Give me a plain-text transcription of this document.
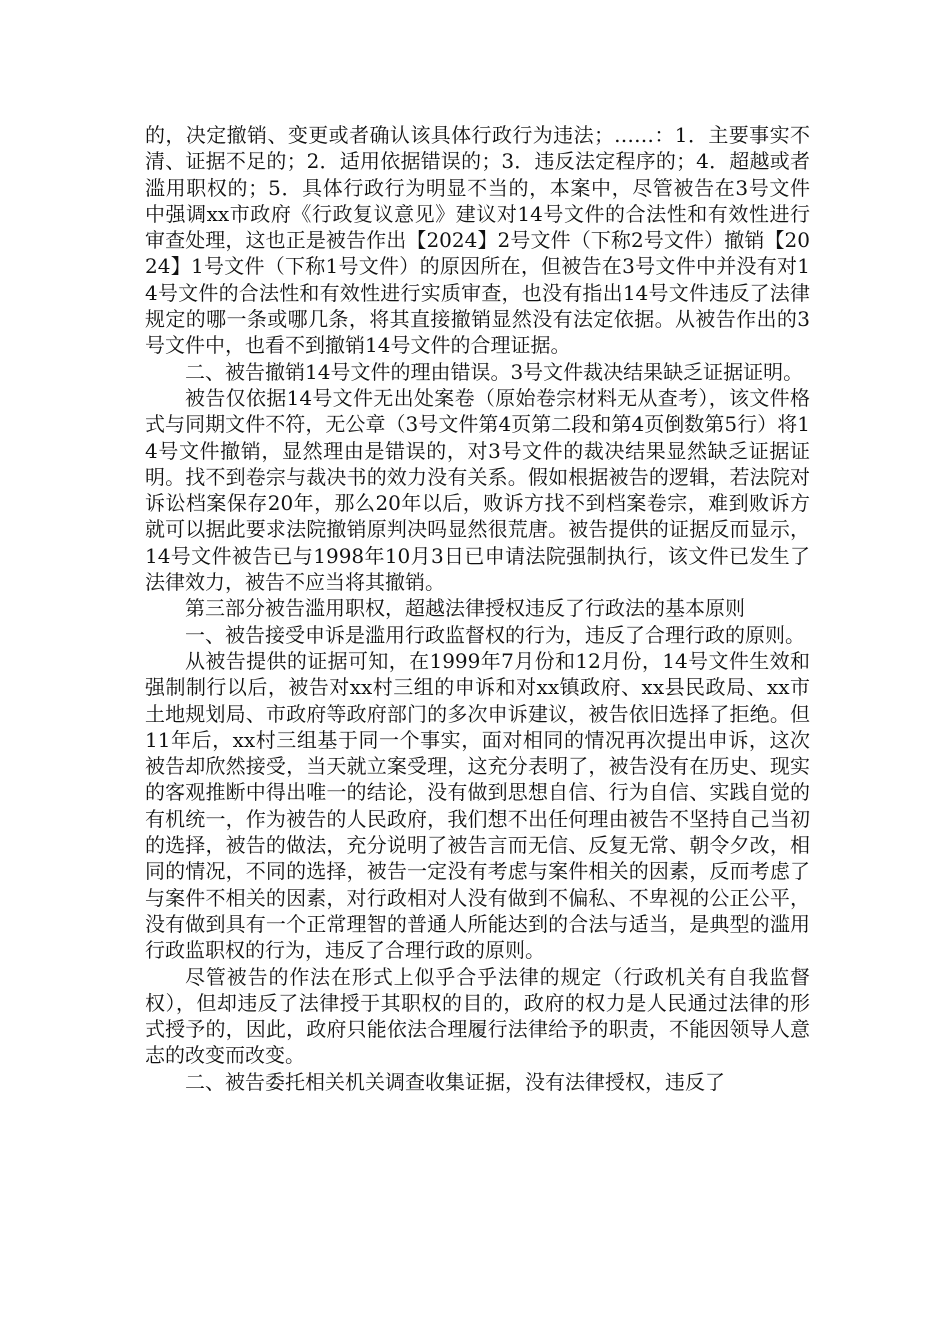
的，决定撤销、变更或者确认该具体行政行为违法；……：1．主要事实不清、证据不足的；2．适用依据错误的；3．违反法定程序的；4．超越或者滥用职权的；5．具体行政行为明显不当的，本案中，尽管被告在3号文件中强调xx市政府《行政复议意见》建议对14号文件的合法性和有效性进行审查处理，这也正是被告作出【2024】2号文件（下称2号文件）撤销【2024】1号文件（下称1号文件）的原因所在，但被告在3号文件中并没有对14号文件的合法性和有效性进行实质审查，也没有指出14号文件违反了法律规定的哪一条或哪几条，将其直接撤销显然没有法定依据。从被告作出的3号文件中，也看不到撤销14号文件的合理证据。

二、被告撤销14号文件的理由错误。3号文件裁决结果缺乏证据证明。

被告仅依据14号文件无出处案卷（原始卷宗材料无从查考），该文件格式与同期文件不符，无公章（3号文件第4页第二段和第4页倒数第5行）将14号文件撤销，显然理由是错误的，对3号文件的裁决结果显然缺乏证据证明。找不到卷宗与裁决书的效力没有关系。假如根据被告的逻辑，若法院对诉讼档案保存20年，那么20年以后，败诉方找不到档案卷宗，难到败诉方就可以据此要求法院撤销原判决吗显然很荒唐。被告提供的证据反而显示，14号文件被告已与1998年10月3日已申请法院强制执行，该文件已发生了法律效力，被告不应当将其撤销。

第三部分被告滥用职权，超越法律授权违反了行政法的基本原则

一、被告接受申诉是滥用行政监督权的行为，违反了合理行政的原则。

从被告提供的证据可知，在1999年7月份和12月份，14号文件生效和强制制行以后，被告对xx村三组的申诉和对xx镇政府、xx县民政局、xx市土地规划局、市政府等政府部门的多次申诉建议，被告依旧选择了拒绝。但11年后，xx村三组基于同一个事实，面对相同的情况再次提出申诉，这次被告却欣然接受，当天就立案受理，这充分表明了，被告没有在历史、现实的客观推断中得出唯一的结论，没有做到思想自信、行为自信、实践自觉的有机统一，作为被告的人民政府，我们想不出任何理由被告不坚持自己当初的选择，被告的做法，充分说明了被告言而无信、反复无常、朝令夕改，相同的情况，不同的选择，被告一定没有考虑与案件相关的因素，反而考虑了与案件不相关的因素，对行政相对人没有做到不偏私、不卑视的公正公平，没有做到具有一个正常理智的普通人所能达到的合法与适当，是典型的滥用行政监职权的行为，违反了合理行政的原则。

尽管被告的作法在形式上似乎合乎法律的规定（行政机关有自我监督权），但却违反了法律授于其职权的目的，政府的权力是人民通过法律的形式授予的，因此，政府只能依法合理履行法律给予的职责，不能因领导人意志的改变而改变。

二、被告委托相关机关调查收集证据，没有法律授权，违反了
